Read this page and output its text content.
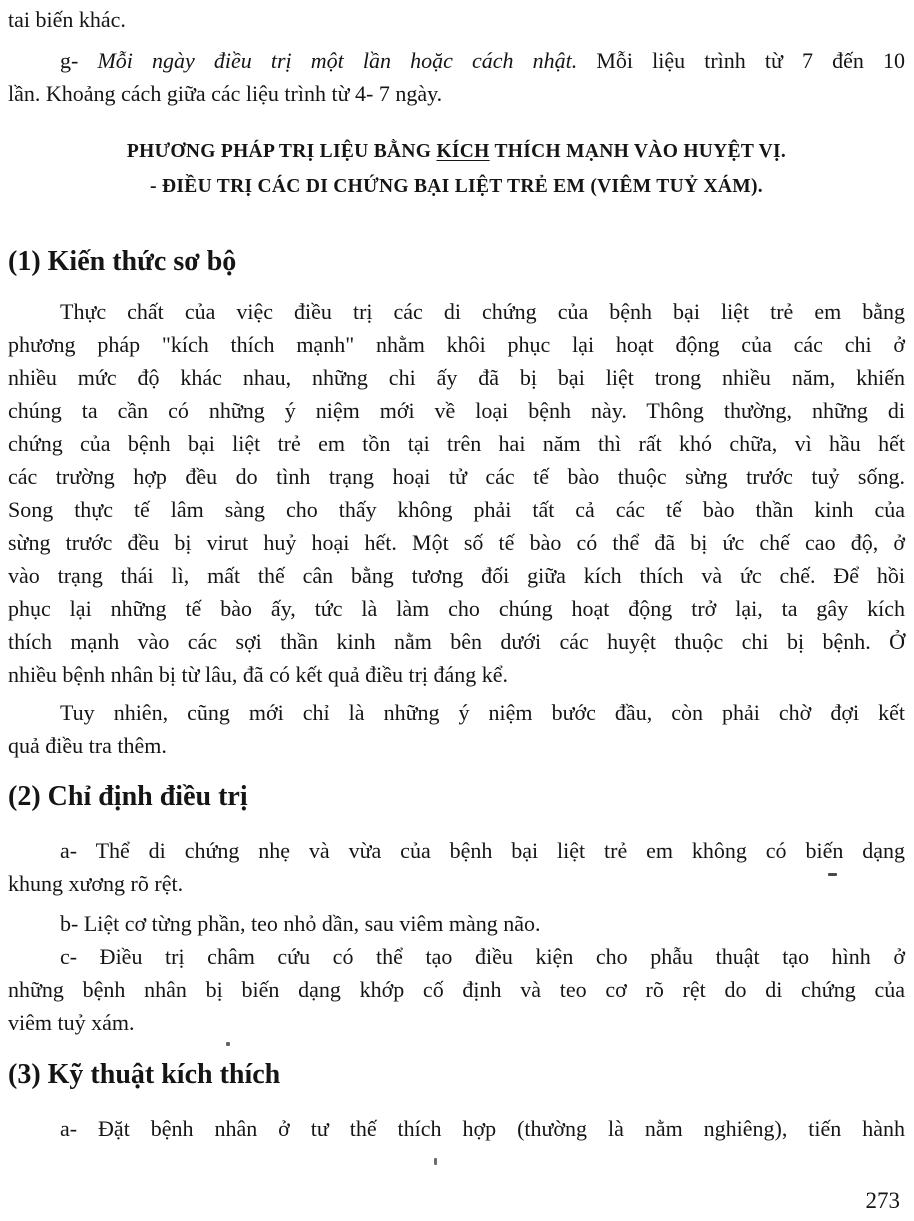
tai biến khác.
g- Mỗi ngày điều trị một lần hoặc cách nhật. Mỗi liệu trình từ 7 đến 10
lần. Khoảng cách giữa các liệu trình từ 4- 7 ngày.
PHƯƠNG PHÁP TRỊ LIỆU BẰNG KÍCH THÍCH MẠNH VÀO HUYỆT VỊ.
- ĐIỀU TRỊ CÁC DI CHỨNG BẠI LIỆT TRẺ EM (VIÊM TUỶ XÁM).
(1) Kiến thức sơ bộ
Thực chất của việc điều trị các di chứng của bệnh bại liệt trẻ em bằng
phương pháp "kích thích mạnh" nhằm khôi phục lại hoạt động của các chi ở
nhiều mức độ khác nhau, những chi ấy đã bị bại liệt trong nhiều năm, khiến
chúng ta cần có những ý niệm mới về loại bệnh này. Thông thường, những di
chứng của bệnh bại liệt trẻ em tồn tại trên hai năm thì rất khó chữa, vì hầu hết
các trường hợp đều do tình trạng hoại tử các tế bào thuộc sừng trước tuỷ sống.
Song thực tế lâm sàng cho thấy không phải tất cả các tế bào thần kinh của
sừng trước đều bị virut huỷ hoại hết. Một số tế bào có thể đã bị ức chế cao độ, ở
vào trạng thái lì, mất thế cân bằng tương đối giữa kích thích và ức chế. Để hồi
phục lại những tế bào ấy, tức là làm cho chúng hoạt động trở lại, ta gây kích
thích mạnh vào các sợi thần kinh nằm bên dưới các huyệt thuộc chi bị bệnh. Ở
nhiều bệnh nhân bị từ lâu, đã có kết quả điều trị đáng kể.
Tuy nhiên, cũng mới chỉ là những ý niệm bước đầu, còn phải chờ đợi kết
quả điều tra thêm.
(2) Chỉ định điều trị
a- Thể di chứng nhẹ và vừa của bệnh bại liệt trẻ em không có biến dạng
khung xương rõ rệt.
b- Liệt cơ từng phần, teo nhỏ dần, sau viêm màng não.
c- Điều trị châm cứu có thể tạo điều kiện cho phẫu thuật tạo hình ở
những bệnh nhân bị biến dạng khớp cố định và teo cơ rõ rệt do di chứng của
viêm tuỷ xám.
(3) Kỹ thuật kích thích
a- Đặt bệnh nhân ở tư thế thích hợp (thường là nằm nghiêng), tiến hành
273
